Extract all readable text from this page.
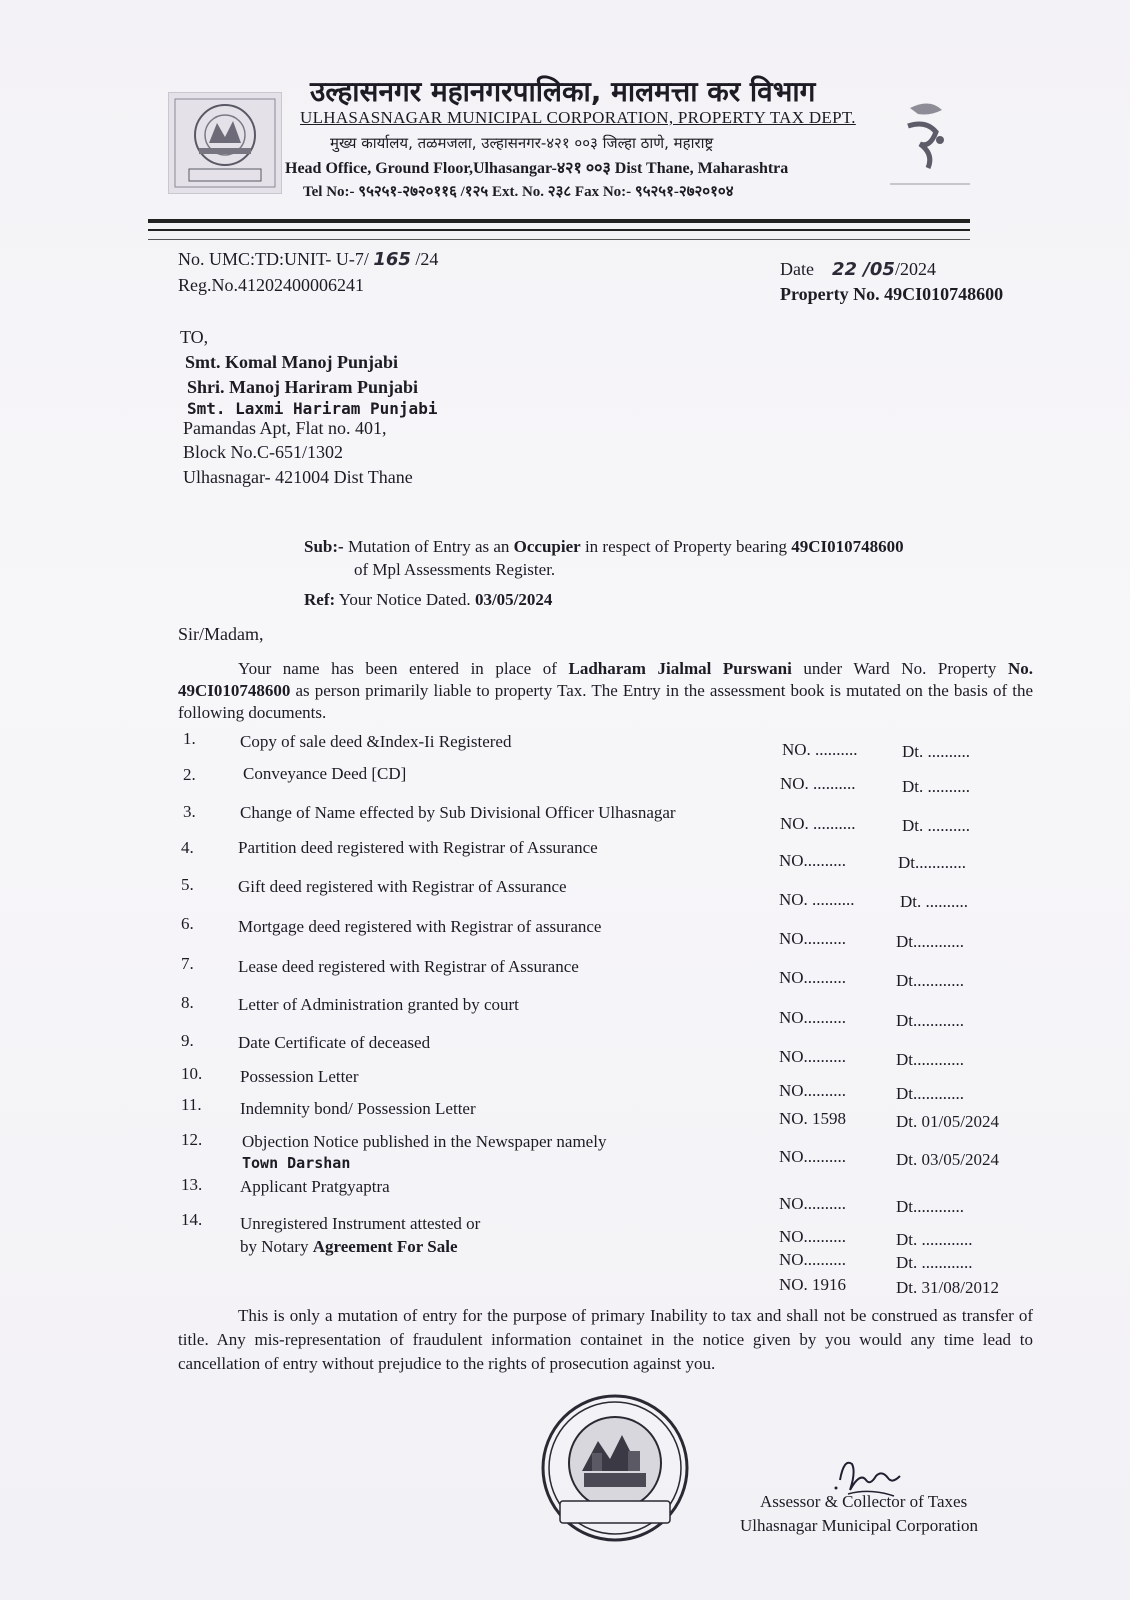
उल्हासनगर महानगरपालिका, मालमत्ता कर विभाग
ULHASASNAGAR MUNICIPAL CORPORATION, PROPERTY TAX DEPT.
मुख्य कार्यालय, तळमजला, उल्हासनगर-४२१ ००३ जिल्हा ठाणे, महाराष्ट्र
Head Office, Ground Floor,Ulhasangar-४२१ ००३ Dist Thane, Maharashtra
Tel No:- ९५२५१-२७२०११६ /१२५ Ext. No. २३८ Fax No:- ९५२५१-२७२०१०४
No. UMC:TD:UNIT- U-7/ 165 /24
Reg.No.41202400006241
Date 22 /05/2024
Property No. 49CI010748600
TO,
Smt. Komal Manoj Punjabi
Shri. Manoj Hariram Punjabi
Smt. Laxmi Hariram Punjabi
Pamandas Apt, Flat no. 401,
Block No.C-651/1302
Ulhasnagar- 421004 Dist Thane
Sub:- Mutation of Entry as an Occupier in respect of Property bearing 49CI010748600
of Mpl Assessments Register.
Ref: Your Notice Dated. 03/05/2024
Sir/Madam,
Your name has been entered in place of Ladharam Jialmal Purswani under Ward No. Property No. 49CI010748600 as person primarily liable to property Tax. The Entry in the assessment book is mutated on the basis of the following documents.
1.	Copy of sale deed &Index-Ii Registered	NO. ..........	Dt. ..........
2.	Conveyance Deed [CD]
NO. ..........	Dt. ..........
3.	Change of Name effected by Sub Divisional Officer Ulhasnagar
NO. ..........	Dt. ..........
4.	Partition deed registered with Registrar of Assurance
NO..........	Dt............
5.	Gift deed registered with Registrar of Assurance
NO. ..........	Dt. ..........
6.	Mortgage deed registered with Registrar of assurance
NO..........	Dt............
7.	Lease deed registered with Registrar of Assurance
NO..........	Dt............
8.	Letter of Administration granted by court
NO..........	Dt............
9.	Date Certificate of deceased
NO..........	Dt............
10. Possession Letter
NO..........	Dt............
11. Indemnity bond/ Possession Letter
NO. 1598	Dt. 01/05/2024
12. Objection Notice published in the Newspaper namely
Town Darshan	NO..........	Dt. 03/05/2024
13. Applicant Pratgyaptra
NO..........	Dt............
14. Unregistered Instrument attested or
by Notary Agreement For Sale
NO..........	Dt. ............
NO..........	Dt. ............
NO. 1916	Dt. 31/08/2012
This is only a mutation of entry for the purpose of primary Inability to tax and shall not be construed as transfer of title. Any mis-representation of fraudulent information containet in the notice given by you would any time lead to cancellation of entry without prejudice to the rights of prosecution against you.
Assessor & Collector of Taxes
Ulhasnagar Municipal Corporation
